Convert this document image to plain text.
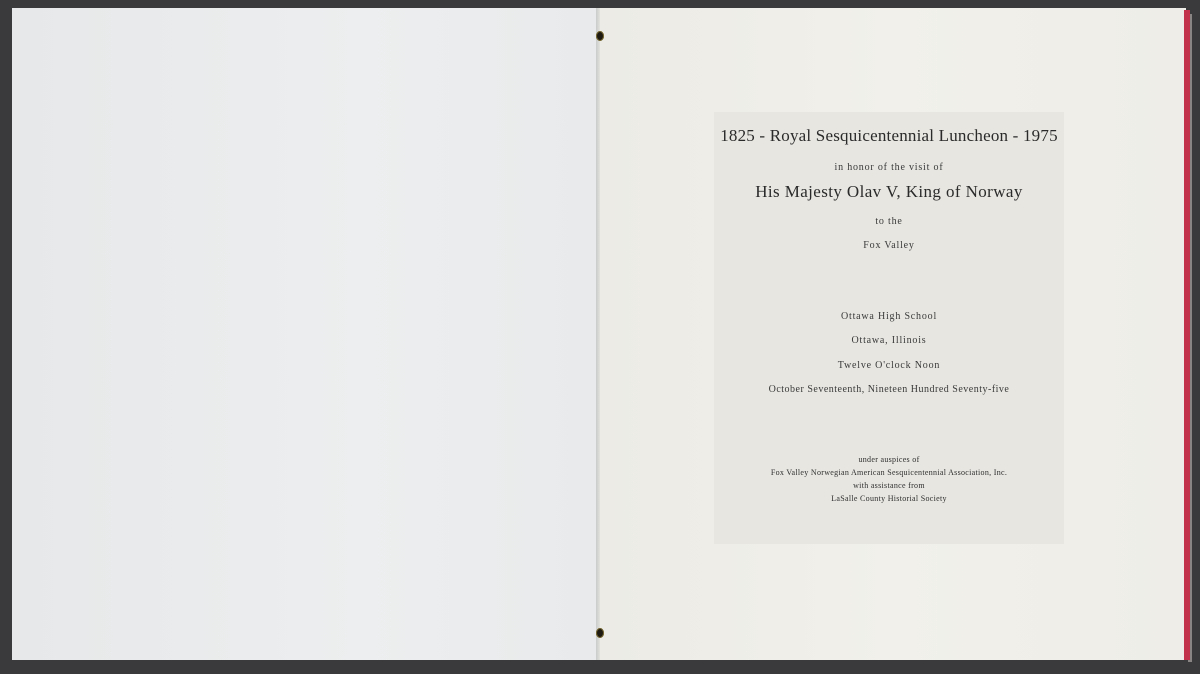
1825 - Royal Sesquicentennial Luncheon - 1975
in honor of the visit of
His Majesty Olav V, King of Norway
to the
Fox Valley
Ottawa High School
Ottawa, Illinois
Twelve O'clock Noon
October Seventeenth, Nineteen Hundred Seventy-five
under auspices of
Fox Valley Norwegian American Sesquicentennial Association, Inc.
with assistance from
LaSalle County Historial Society
